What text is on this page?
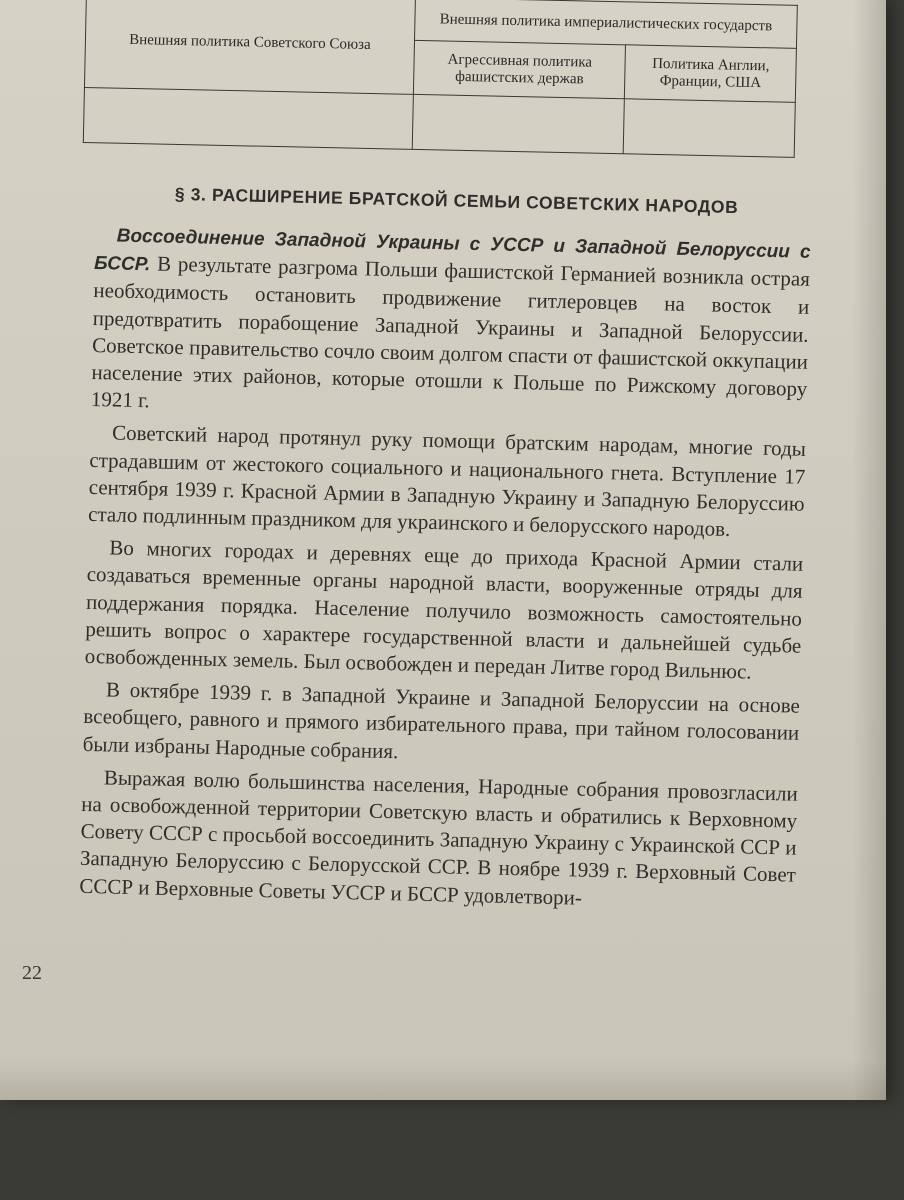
Внешняя политика Советского Союза	Внешняя политика империалистических государств	
	Агрессивная политика фашистских держав	Политика Англии, Франции, США

§ 3. РАСШИРЕНИЕ БРАТСКОЙ СЕМЬИ СОВЕТСКИХ НАРОДОВ

Воссоединение Западной Украины с УССР и Западной Белоруссии с БССР. В результате разгрома Польши фашистской Германией возникла острая необходимость остановить продвижение гитлеровцев на восток и предотвратить порабощение Западной Украины и Западной Белоруссии. Советское правительство сочло своим долгом спасти от фашистской оккупации население этих районов, которые отошли к Польше по Рижскому договору 1921 г.

Советский народ протянул руку помощи братским народам, многие годы страдавшим от жестокого социального и национального гнета. Вступление 17 сентября 1939 г. Красной Армии в Западную Украину и Западную Белоруссию стало подлинным праздником для украинского и белорусского народов.

Во многих городах и деревнях еще до прихода Красной Армии стали создаваться временные органы народной власти, вооруженные отряды для поддержания порядка. Население получило возможность самостоятельно решить вопрос о характере государственной власти и дальнейшей судьбе освобожденных земель. Был освобожден и передан Литве город Вильнюс.

В октябре 1939 г. в Западной Украине и Западной Белоруссии на основе всеобщего, равного и прямого избирательного права, при тайном голосовании были избраны Народные собрания.

Выражая волю большинства населения, Народные собрания провозгласили на освобожденной территории Советскую власть и обратились к Верховному Совету СССР с просьбой воссоединить Западную Украину с Украинской ССР и Западную Белоруссию с Белорусской ССР. В ноябре 1939 г. Верховный Совет СССР и Верховные Советы УССР и БССР удовлетвори-

22
